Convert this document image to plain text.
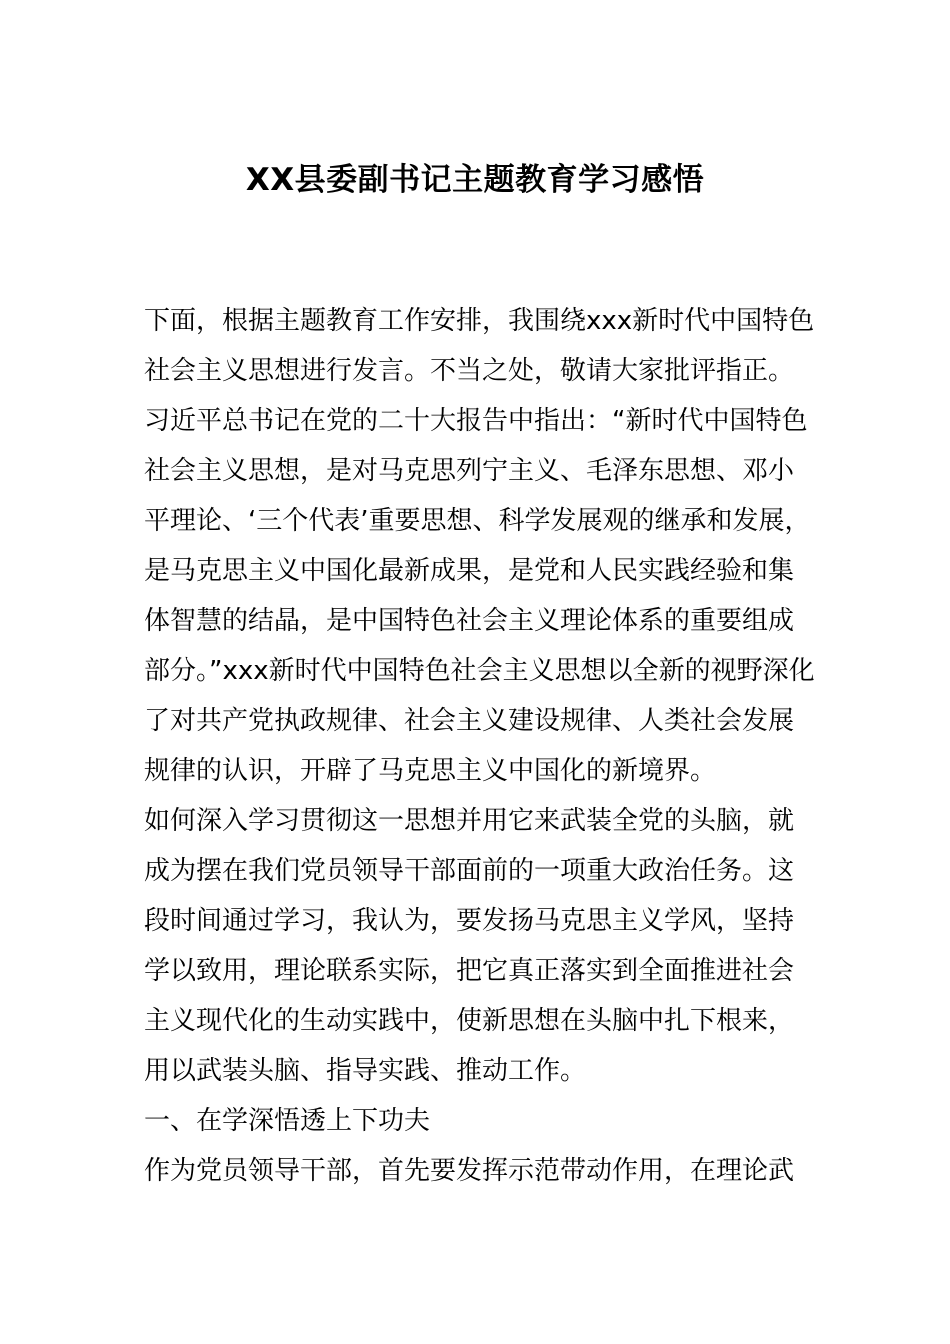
XX县委副书记主题教育学习感悟
下面，根据主题教育工作安排，我围绕xxx新时代中国特色
社会主义思想进行发言。不当之处，敬请大家批评指正。
习近平总书记在党的二十大报告中指出：“新时代中国特色
社会主义思想，是对马克思列宁主义、毛泽东思想、邓小
平理论、‘三个代表’重要思想、科学发展观的继承和发展，
是马克思主义中国化最新成果，是党和人民实践经验和集
体智慧的结晶，是中国特色社会主义理论体系的重要组成
部分。”xxx新时代中国特色社会主义思想以全新的视野深化
了对共产党执政规律、社会主义建设规律、人类社会发展
规律的认识，开辟了马克思主义中国化的新境界。
如何深入学习贯彻这一思想并用它来武装全党的头脑，就
成为摆在我们党员领导干部面前的一项重大政治任务。这
段时间通过学习，我认为，要发扬马克思主义学风，坚持
学以致用，理论联系实际，把它真正落实到全面推进社会
主义现代化的生动实践中，使新思想在头脑中扎下根来，
用以武装头脑、指导实践、推动工作。
一、在学深悟透上下功夫
作为党员领导干部，首先要发挥示范带动作用，在理论武
